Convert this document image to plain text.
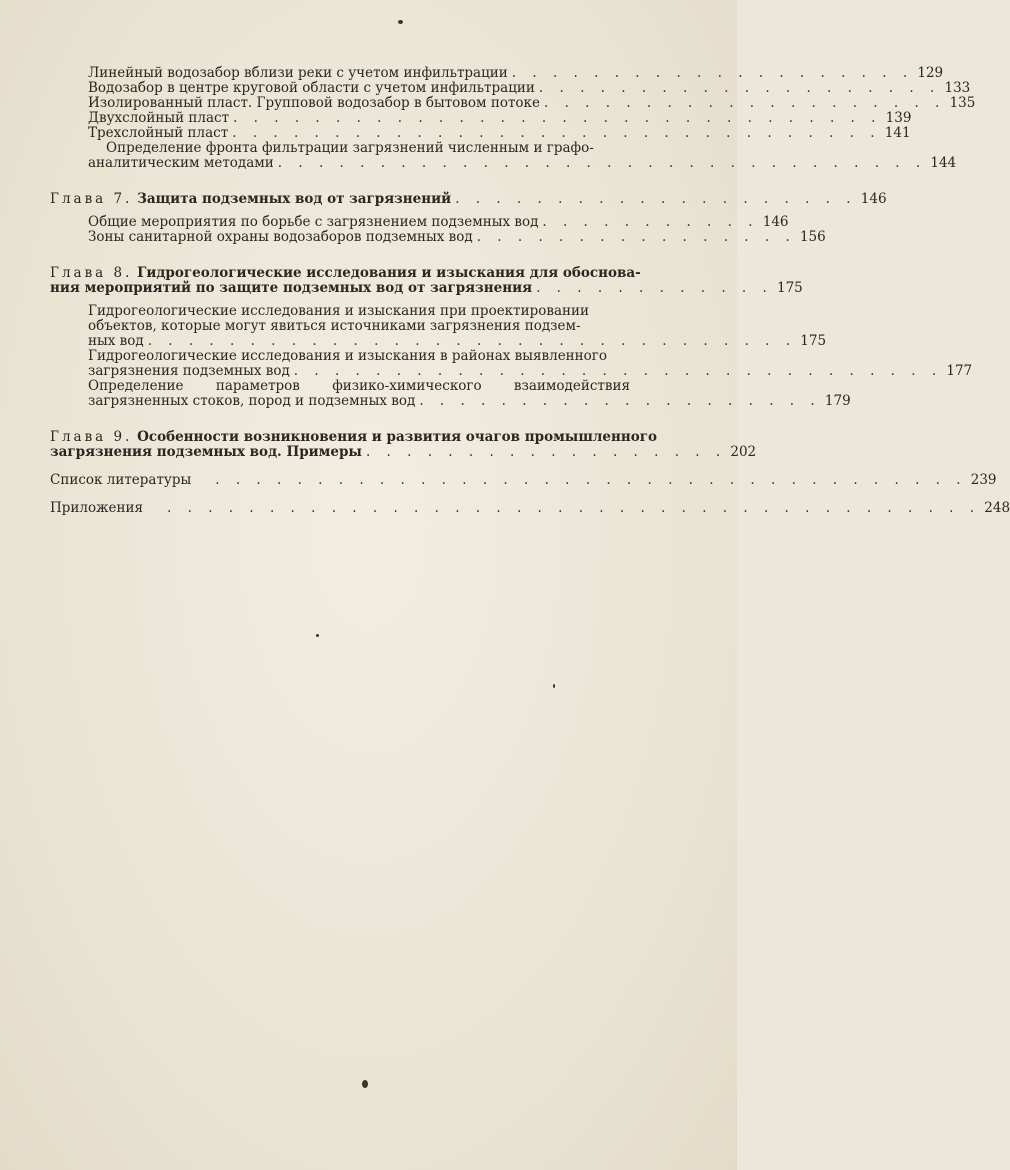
Линейный водозабор вблизи реки с учетом инфильтрации . . . . . . . . . . . . . . . . . . . . 129
Водозабор в центре круговой области с учетом инфильтрации . . . . . . . . . . . . . . . . . . . . 133
Изолированный пласт. Групповой водозабор в бытовом потоке . . . . . . . . . . . . . . . . . . . . 135
Двухслойный пласт . . . . . . . . . . . . . . . . . . . . . . . . . . . . . . . . 139
Трехслойный пласт . . . . . . . . . . . . . . . . . . . . . . . . . . . . . . . . 141
Определение фронта фильтрации загрязнений численным и графо-
аналитическим методами . . . . . . . . . . . . . . . . . . . . . . . . . . . . . . . . 144
Глава 7. Защита подземных вод от загрязнений . . . . . . . . . . . . . . . . . . . . 146
Общие мероприятия по борьбе с загрязнением подземных вод . . . . . . . . . . . 146
Зоны санитарной охраны водозаборов подземных вод . . . . . . . . . . . . . . . . 156
Глава 8. Гидрогеологические исследования и изыскания для обоснова-
ния мероприятий по защите подземных вод от загрязнения . . . . . . . . . . . . 175
Гидрогеологические исследования и изыскания при проектировании
объектов, которые могут явиться источниками загрязнения подзем-
ных вод . . . . . . . . . . . . . . . . . . . . . . . . . . . . . . . . 175
Гидрогеологические исследования и изыскания в районах выявленного
загрязнения подземных вод . . . . . . . . . . . . . . . . . . . . . . . . . . . . . . . . 177
Определение параметров физико-химического взаимодействия
загрязненных стоков, пород и подземных вод . . . . . . . . . . . . . . . . . . . . 179
Глава 9. Особенности возникновения и развития очагов промышленного
загрязнения подземных вод. Примеры . . . . . . . . . . . . . . . . . . 202
Список литературы	. . . . . . . . . . . . . . . . . . . . . . . . . . . . . . . . . . . . . 239
Приложения	. . . . . . . . . . . . . . . . . . . . . . . . . . . . . . . . . . . . . . . . 248
